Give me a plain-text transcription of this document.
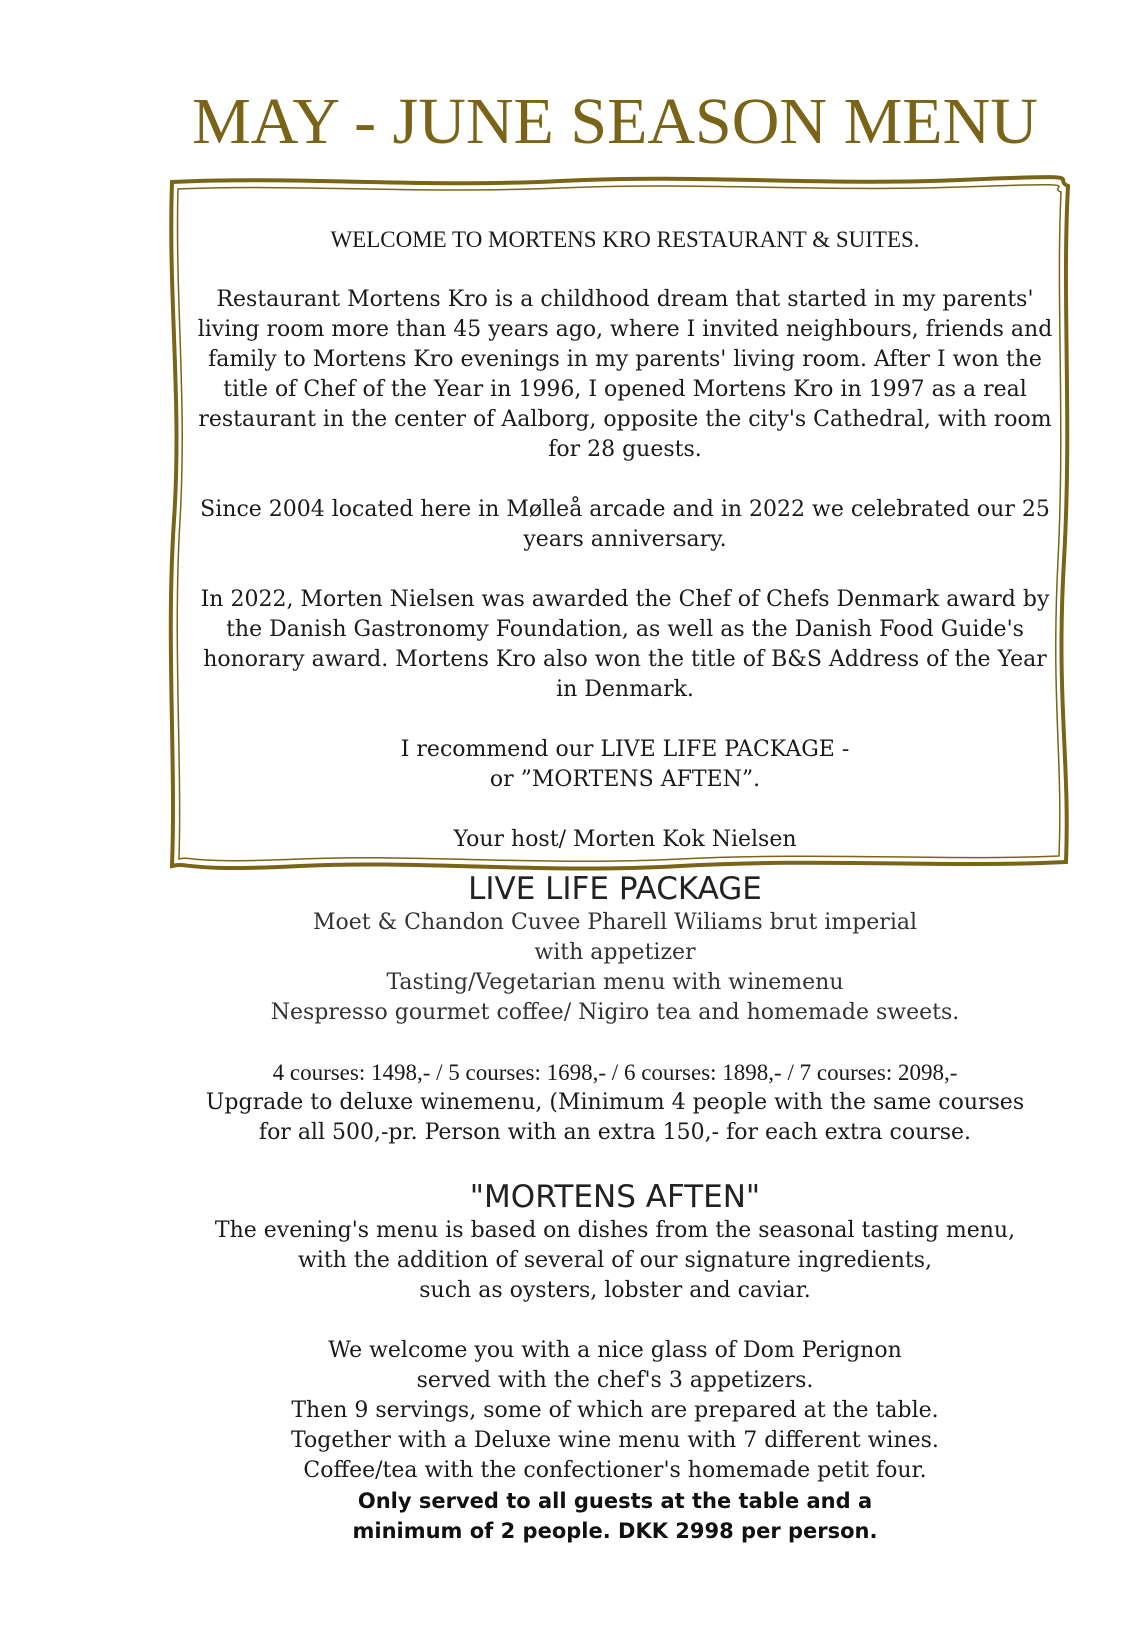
MAY - JUNE SEASON MENU
WELCOME TO MORTENS KRO RESTAURANT & SUITES.

Restaurant Mortens Kro is a childhood dream that started in my parents' living room more than 45 years ago, where I invited neighbours, friends and family to Mortens Kro evenings in my parents' living room. After I won the title of Chef of the Year in 1996, I opened Mortens Kro in 1997 as a real restaurant in the center of Aalborg, opposite the city's Cathedral, with room for 28 guests.

Since 2004 located here in Mølleå arcade and in 2022 we celebrated our 25 years anniversary.

In 2022, Morten Nielsen was awarded the Chef of Chefs Denmark award by the Danish Gastronomy Foundation, as well as the Danish Food Guide's honorary award. Mortens Kro also won the title of B&S Address of the Year in Denmark.

I recommend our LIVE LIFE PACKAGE -

or ”MORTENS AFTEN”.

Your host/ Morten Kok Nielsen

LIVE LIFE PACKAGE

Moet & Chandon Cuvee Pharell Wiliams brut imperial

with appetizer

Tasting/Vegetarian menu with winemenu

Nespresso gourmet coffee/ Nigiro tea and homemade sweets.

4 courses: 1498,- / 5 courses: 1698,- / 6 courses: 1898,- / 7 courses: 2098,-

Upgrade to deluxe winemenu, (Minimum 4 people with the same courses

for all 500,-pr. Person with an extra 150,- for each extra course.

"MORTENS AFTEN"

The evening's menu is based on dishes from the seasonal tasting menu,

with the addition of several of our signature ingredients,

such as oysters, lobster and caviar.

We welcome you with a nice glass of Dom Perignon

served with the chef's 3 appetizers.

Then 9 servings, some of which are prepared at the table.

Together with a Deluxe wine menu with 7 different wines.

Coffee/tea with the confectioner's homemade petit four.

Only served to all guests at the table and a

minimum of 2 people. DKK 2998 per person.
